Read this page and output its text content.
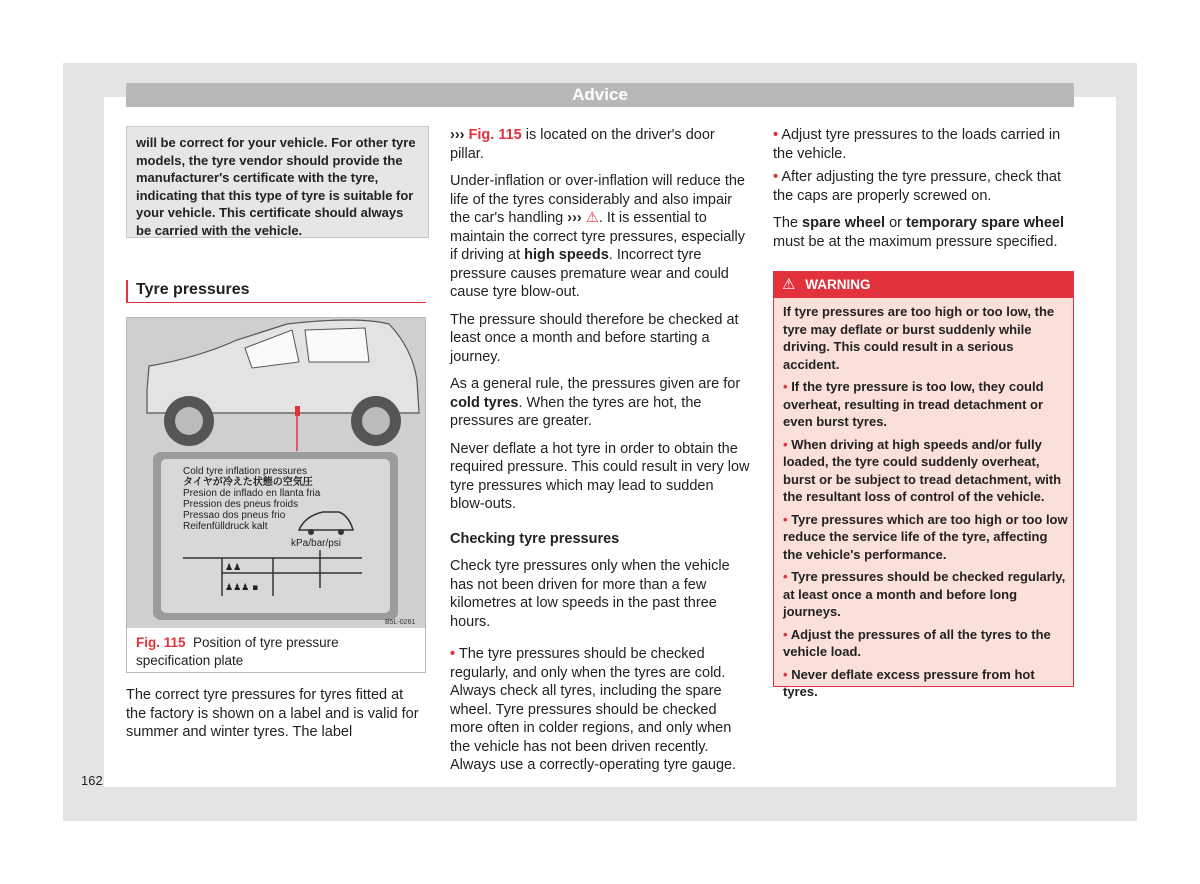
Advice
will be correct for your vehicle. For other tyre models, the tyre vendor should provide the manufacturer's certificate with the tyre, indicating that this type of tyre is suitable for your vehicle. This certificate should always be carried with the vehicle.
Tyre pressures
♟♟
♟♟♟ ▪
Cold tyre inflation pressures
タイヤが冷えた状態の空気圧
Presion de inflado en llanta fria
Pression des pneus froids
Pressao dos pneus frio
Reifenfülldruck kalt
kPa/bar/psi
B5L-0261
Fig. 115 Position of tyre pressure specification plate

The correct tyre pressures for tyres fitted at the factory is shown on a label and is valid for summer and winter tyres. The label

››› Fig. 115 is located on the driver's door pillar.

Under-inflation or over-inflation will reduce the life of the tyres considerably and also impair the car's handling ››› ⚠. It is essential to maintain the correct tyre pressures, especially if driving at high speeds. Incorrect tyre pressure causes premature wear and could cause tyre blow-out.

The pressure should therefore be checked at least once a month and before starting a journey.

As a general rule, the pressures given are for cold tyres. When the tyres are hot, the pressures are greater.

Never deflate a hot tyre in order to obtain the required pressure. This could result in very low tyre pressures which may lead to sudden blow-outs.

Checking tyre pressures

Check tyre pressures only when the vehicle has not been driven for more than a few kilometres at low speeds in the past three hours.

• The tyre pressures should be checked regularly, and only when the tyres are cold. Always check all tyres, including the spare wheel. Tyre pressures should be checked more often in colder regions, and only when the vehicle has not been driven recently. Always use a correctly-operating tyre gauge.

• Adjust tyre pressures to the loads carried in the vehicle.

• After adjusting the tyre pressure, check that the caps are properly screwed on.

The spare wheel or temporary spare wheel must be at the maximum pressure specified.

⚠ WARNING

If tyre pressures are too high or too low, the tyre may deflate or burst suddenly while driving. This could result in a serious accident.

• If the tyre pressure is too low, they could overheat, resulting in tread detachment or even burst tyres.

• When driving at high speeds and/or fully loaded, the tyre could suddenly overheat, burst or be subject to tread detachment, with the resultant loss of control of the vehicle.

• Tyre pressures which are too high or too low reduce the service life of the tyre, affecting the vehicle's performance.

• Tyre pressures should be checked regularly, at least once a month and before long journeys.

• Adjust the pressures of all the tyres to the vehicle load.

• Never deflate excess pressure from hot tyres.

162
